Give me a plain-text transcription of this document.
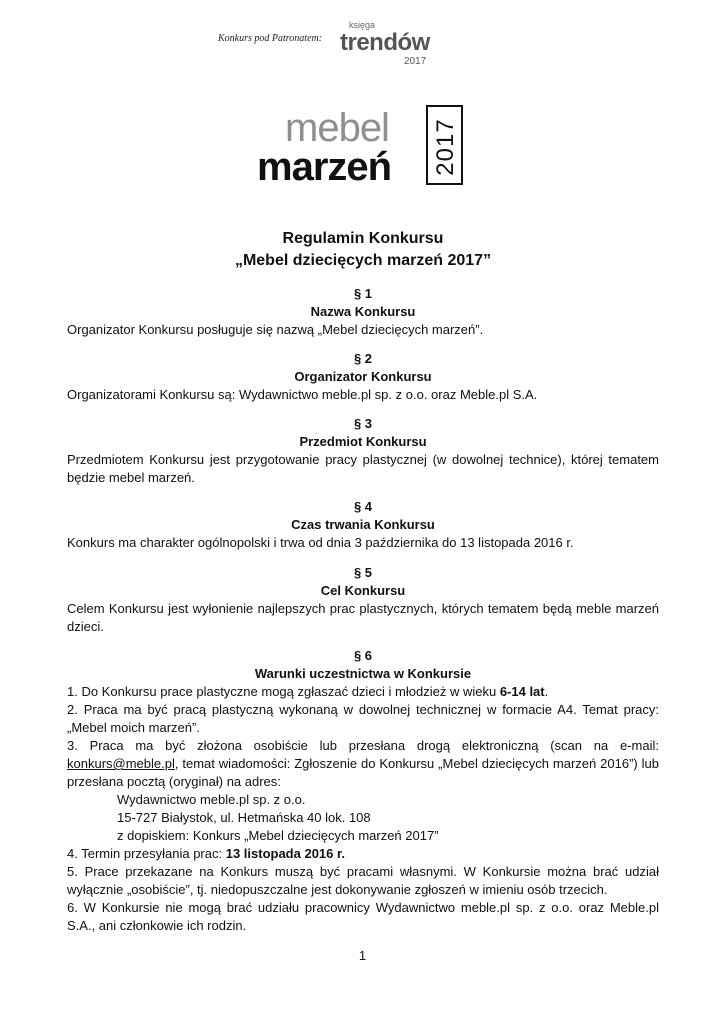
Konkurs pod Patronatem:
księga
trendów
2017
mebel
marzeń 2017
Regulamin Konkursu
„Mebel dziecięcych marzeń 2017”
§ 1
Nazwa Konkursu
Organizator Konkursu posługuje się nazwą „Mebel dziecięcych marzeń”.
§ 2
Organizator Konkursu
Organizatorami Konkursu są: Wydawnictwo meble.pl sp. z o.o. oraz Meble.pl S.A.
§ 3
Przedmiot Konkursu
Przedmiotem Konkursu jest przygotowanie pracy plastycznej (w dowolnej technice), której tematem będzie mebel marzeń.
§ 4
Czas trwania Konkursu
Konkurs ma charakter ogólnopolski i trwa od dnia 3 października do 13 listopada 2016 r.
§ 5
Cel Konkursu
Celem Konkursu jest wyłonienie najlepszych prac plastycznych, których tematem będą meble marzeń dzieci.
§ 6
Warunki uczestnictwa w Konkursie
1. Do Konkursu prace plastyczne mogą zgłaszać dzieci i młodzież w wieku 6-14 lat.
2. Praca ma być pracą plastyczną wykonaną w dowolnej technicznej w formacie A4. Temat pracy: „Mebel moich marzeń”.
3. Praca ma być złożona osobiście lub przesłana drogą elektroniczną (scan na e-mail: konkurs@meble.pl, temat wiadomości: Zgłoszenie do Konkursu „Mebel dziecięcych marzeń 2016”) lub przesłana pocztą (oryginał) na adres:
Wydawnictwo meble.pl sp. z o.o.
15-727 Białystok, ul. Hetmańska 40 lok. 108
z dopiskiem: Konkurs „Mebel dziecięcych marzeń 2017”
4. Termin przesyłania prac: 13 listopada 2016 r.
5. Prace przekazane na Konkurs muszą być pracami własnymi. W Konkursie można brać udział wyłącznie „osobiście”, tj. niedopuszczalne jest dokonywanie zgłoszeń w imieniu osób trzecich.
6. W Konkursie nie mogą brać udziału pracownicy Wydawnictwo meble.pl sp. z o.o. oraz Meble.pl S.A., ani członkowie ich rodzin.
1
